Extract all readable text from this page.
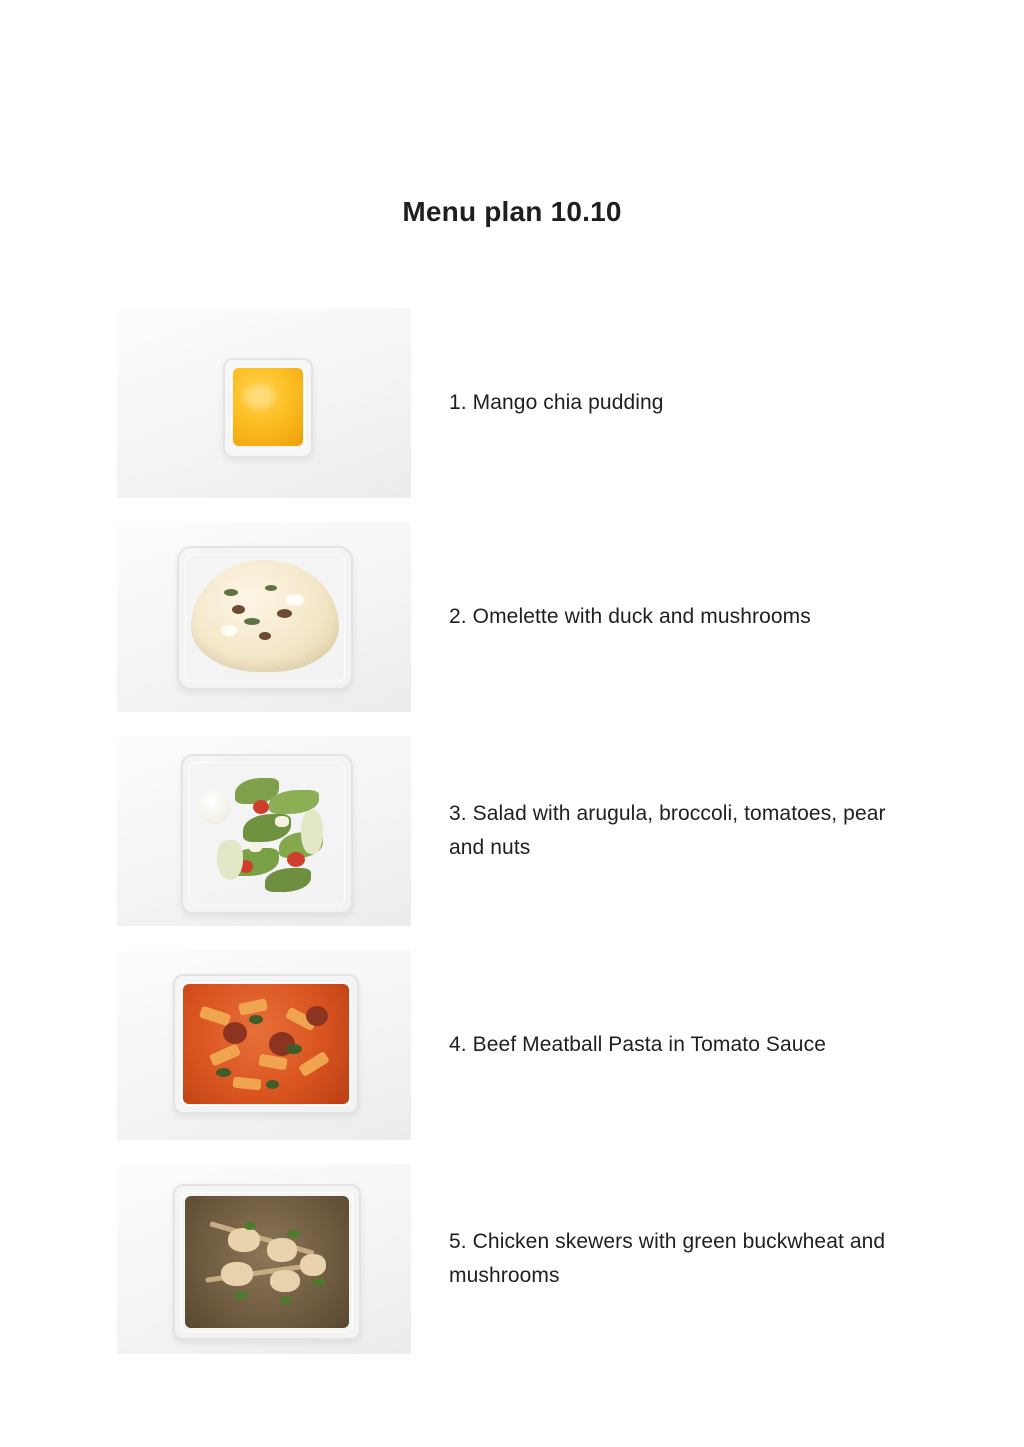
Menu plan 10.10
1. Mango chia pudding
2. Omelette with duck and mushrooms
3. Salad with arugula, broccoli, tomatoes, pear and nuts
4. Beef Meatball Pasta in Tomato Sauce
5. Chicken skewers with green buckwheat and mushrooms
